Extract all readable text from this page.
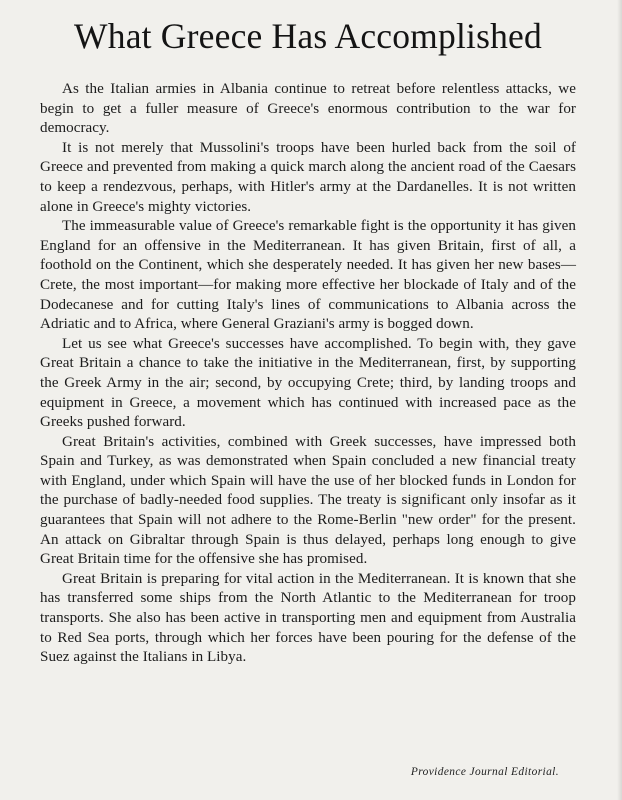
What Greece Has Accomplished

As the Italian armies in Albania continue to retreat before relentless attacks, we begin to get a fuller measure of Greece's enormous contribution to the war for democracy.

It is not merely that Mussolini's troops have been hurled back from the soil of Greece and prevented from making a quick march along the ancient road of the Caesars to keep a rendezvous, perhaps, with Hitler's army at the Dardanelles. It is not written alone in Greece's mighty victories.

The immeasurable value of Greece's remarkable fight is the opportunity it has given England for an offensive in the Mediterranean. It has given Britain, first of all, a foothold on the Continent, which she desperately needed. It has given her new bases—Crete, the most important—for making more effective her blockade of Italy and of the Dodecanese and for cutting Italy's lines of communications to Albania across the Adriatic and to Africa, where General Graziani's army is bogged down.

Let us see what Greece's successes have accomplished. To begin with, they gave Great Britain a chance to take the initiative in the Mediterranean, first, by supporting the Greek Army in the air; second, by occupying Crete; third, by landing troops and equipment in Greece, a movement which has continued with increased pace as the Greeks pushed forward.

Great Britain's activities, combined with Greek successes, have impressed both Spain and Turkey, as was demonstrated when Spain concluded a new financial treaty with England, under which Spain will have the use of her blocked funds in London for the purchase of badly-needed food supplies. The treaty is significant only insofar as it guarantees that Spain will not adhere to the Rome-Berlin "new order" for the present. An attack on Gibraltar through Spain is thus delayed, perhaps long enough to give Great Britain time for the offensive she has promised.

Great Britain is preparing for vital action in the Mediterranean. It is known that she has transferred some ships from the North Atlantic to the Mediterranean for troop transports. She also has been active in transporting men and equipment from Australia to Red Sea ports, through which her forces have been pouring for the defense of the Suez against the Italians in Libya.

Providence Journal Editorial.
